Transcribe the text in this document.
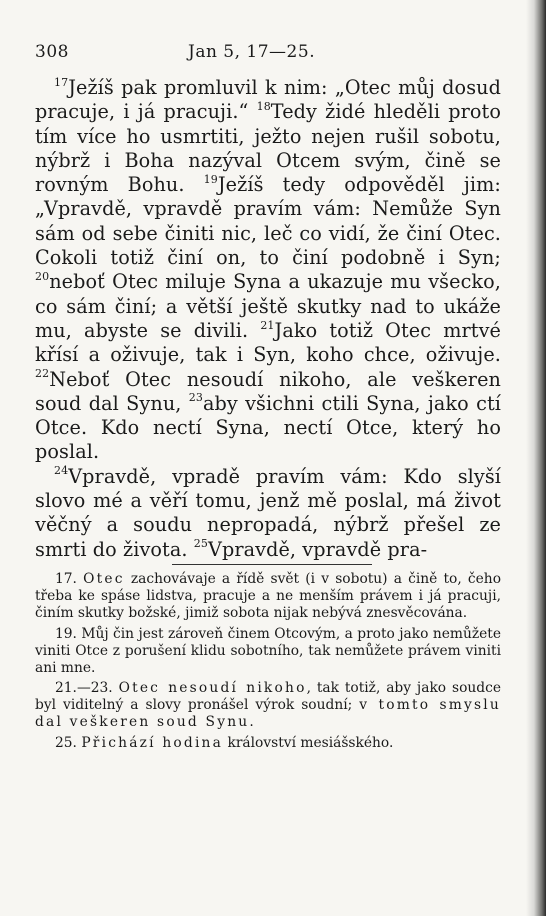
308	Jan 5, 17—25.

$^{17}$Ježíš pak promluvil k nim: „Otec můj dosud pracuje, i já pracuji.“ $^{18}$Tedy židé hleděli proto tím více ho usmrtiti, ježto nejen rušil sobotu, nýbrž i Boha nazýval Otcem svým, čině se rovným Bohu. $^{19}$Ježíš tedy odpověděl jim: „Vpravdě, vpravdě pravím vám: Nemůže Syn sám od sebe činiti nic, leč co vidí, že činí Otec. Cokoli totiž činí on, to činí podobně i Syn; $^{20}$neboť Otec miluje Syna a ukazuje mu všecko, co sám činí; a větší ještě skutky nad to ukáže mu, abyste se divili. $^{21}$Jako totiž Otec mrtvé křísí a oživuje, tak i Syn, koho chce, oživuje. $^{22}$Neboť Otec nesoudí nikoho, ale veškeren soud dal Synu, $^{23}$aby všichni ctili Syna, jako ctí Otce. Kdo nectí Syna, nectí Otce, který ho poslal.

$^{24}$Vpravdě, vpradě pravím vám: Kdo slyší slovo mé a věří tomu, jenž mě poslal, má život věčný a soudu nepropadá, nýbrž přešel ze smrti do života. $^{25}$Vpravdě, vpravdě pra-

17. Otec zachovávaje a řídě svět (i v sobotu) a čině to, čeho třeba ke spáse lidstva, pracuje a ne menším právem i já pracuji, činím skutky božské, jimiž sobota nijak nebývá znesvěcována.

19. Můj čin jest zároveň činem Otcovým, a proto jako nemůžete viniti Otce z porušení klidu sobotního, tak nemůžete právem viniti ani mne.

21.—23. Otec nesoudí nikoho, tak totiž, aby jako soudce byl viditelný a slovy pronášel výrok soudní; v tomto smyslu dal veškeren soud Synu.

25. Přichází hodina království mesiášského.
